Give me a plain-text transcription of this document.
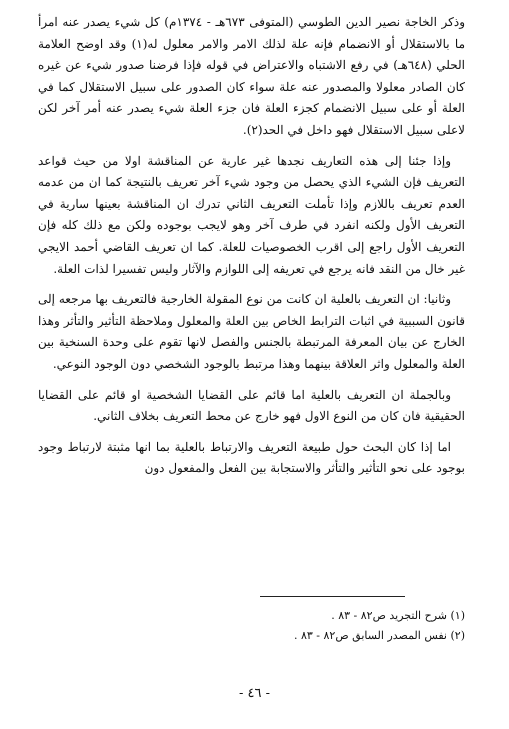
وذكر الخاجة نصير الدين الطوسي (المتوفى ٦٧٣هـ - ١٣٧٤م) كل شيء يصدر عنه امرأ ما بالاستقلال أو الانضمام فإنه علة لذلك الامر والامر معلول له(١) وقد اوضح العلامة الحلي (٦٤٨هـ) في رفع الاشتباه والاعتراض في قوله فإذا فرضنا صدور شيء عن غيره كان الصادر معلولا والمصدور عنه علة سواء كان الصدور على سبيل الاستقلال كما في العلة أو على سبيل الانضمام كجزء العلة فان جزء العلة شيء يصدر عنه أمر آخر لكن لاعلى سبيل الاستقلال فهو داخل في الحد(٢).

وإذا جئنا إلى هذه التعاريف نجدها غير عارية عن المناقشة اولا من حيث قواعد التعريف فإن الشيء الذي يحصل من وجود شيء آخر تعريف بالنتيجة كما ان من عدمه العدم تعريف باللازم وإذا تأملت التعريف الثاني تدرك ان المناقشة بعينها سارية في التعريف الأول ولكنه انفرد في طرف آخر وهو لايجب بوجوده ولكن مع ذلك كله فإن التعريف الأول راجع إلى اقرب الخصوصيات للعلة. كما ان تعريف القاضي أحمد الايجي غير خال من النقد فانه يرجع في تعريفه إلى اللوازم والآثار وليس تفسيرا لذات العلة.

وثانيا: ان التعريف بالعلية ان كانت من نوع المقولة الخارجية فالتعريف بها مرجعه إلى قانون السببية في اثبات الترابط الخاص بين العلة والمعلول وملاحظة التأثير والتأثر وهذا الخارج عن بيان المعرفة المرتبطة بالجنس والفصل لانها تقوم على وحدة السنخية بين العلة والمعلول واثر العلاقة بينهما وهذا مرتبط بالوجود الشخصي دون الوجود النوعي.

وبالجملة ان التعريف بالعلية اما قائم على القضايا الشخصية او قائم على القضايا الحقيقية فان كان من النوع الاول فهو خارج عن محط التعريف بخلاف الثاني.

اما إذا كان البحث حول طبيعة التعريف والارتباط بالعلية بما انها مثبتة لارتباط وجود بوجود على نحو التأثير والتأثر والاستجابة بين الفعل والمفعول دون

(١) شرح التجريد ص٨٢ - ٨٣ .

(٢) نفس المصدر السابق ص٨٢ - ٨٣ .

- ٤٦ -
